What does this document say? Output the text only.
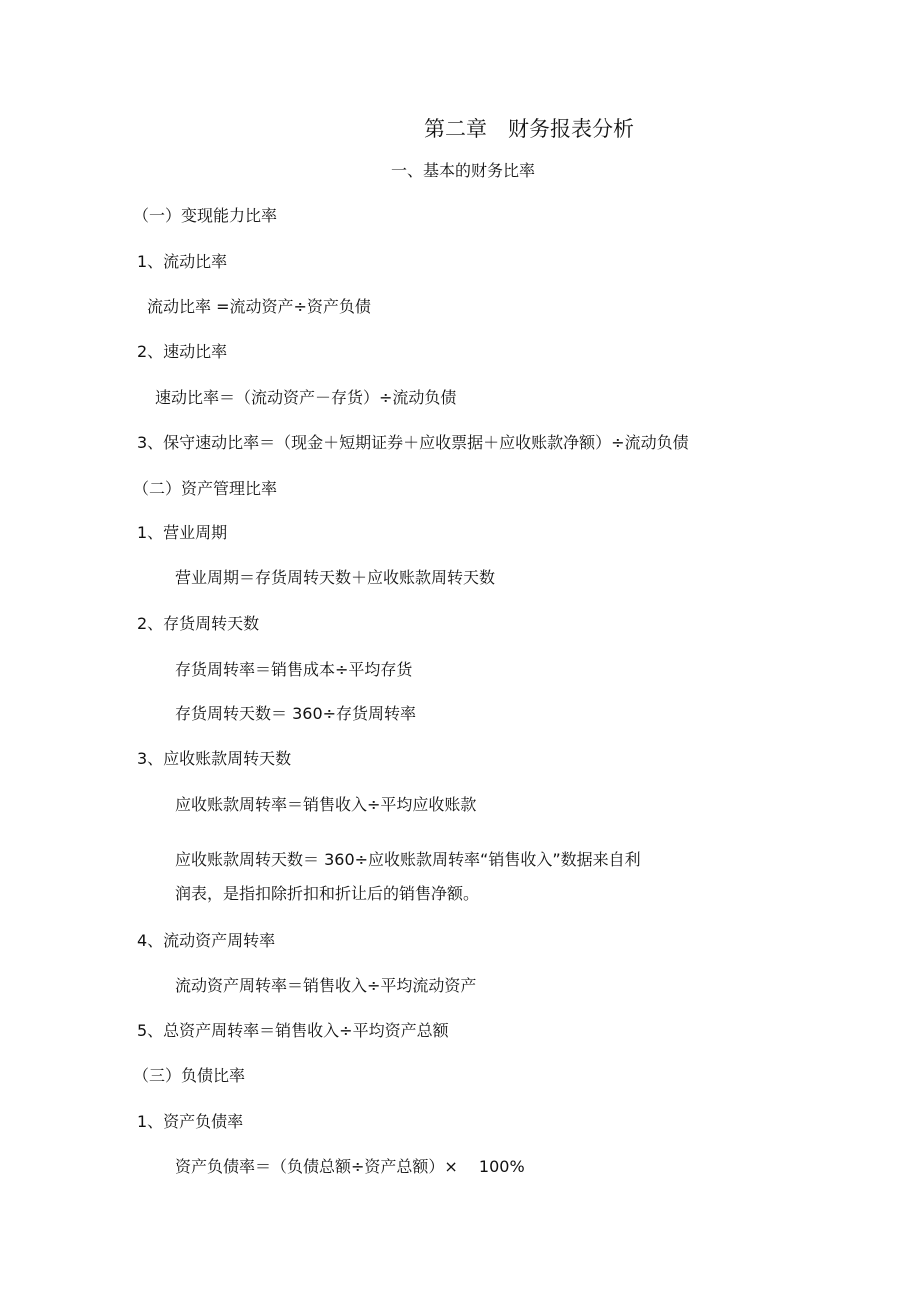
第二章　财务报表分析
一、基本的财务比率
（一）变现能力比率
1、流动比率
流动比率 =流动资产÷资产负债
2、速动比率
速动比率＝（流动资产－存货）÷流动负债
3、保守速动比率＝（现金＋短期证券＋应收票据＋应收账款净额）÷流动负债
（二）资产管理比率
1、营业周期
营业周期＝存货周转天数＋应收账款周转天数
2、存货周转天数
存货周转率＝销售成本÷平均存货
存货周转天数＝ 360÷存货周转率
3、应收账款周转天数
应收账款周转率＝销售收入÷平均应收账款
应收账款周转天数＝ 360÷应收账款周转率“销售收入”数据来自利
润表，是指扣除折扣和折让后的销售净额。
4、流动资产周转率
流动资产周转率＝销售收入÷平均流动资产
5、总资产周转率＝销售收入÷平均资产总额
（三）负债比率
1、资产负债率
资产负债率＝（负债总额÷资产总额）×　 100%
